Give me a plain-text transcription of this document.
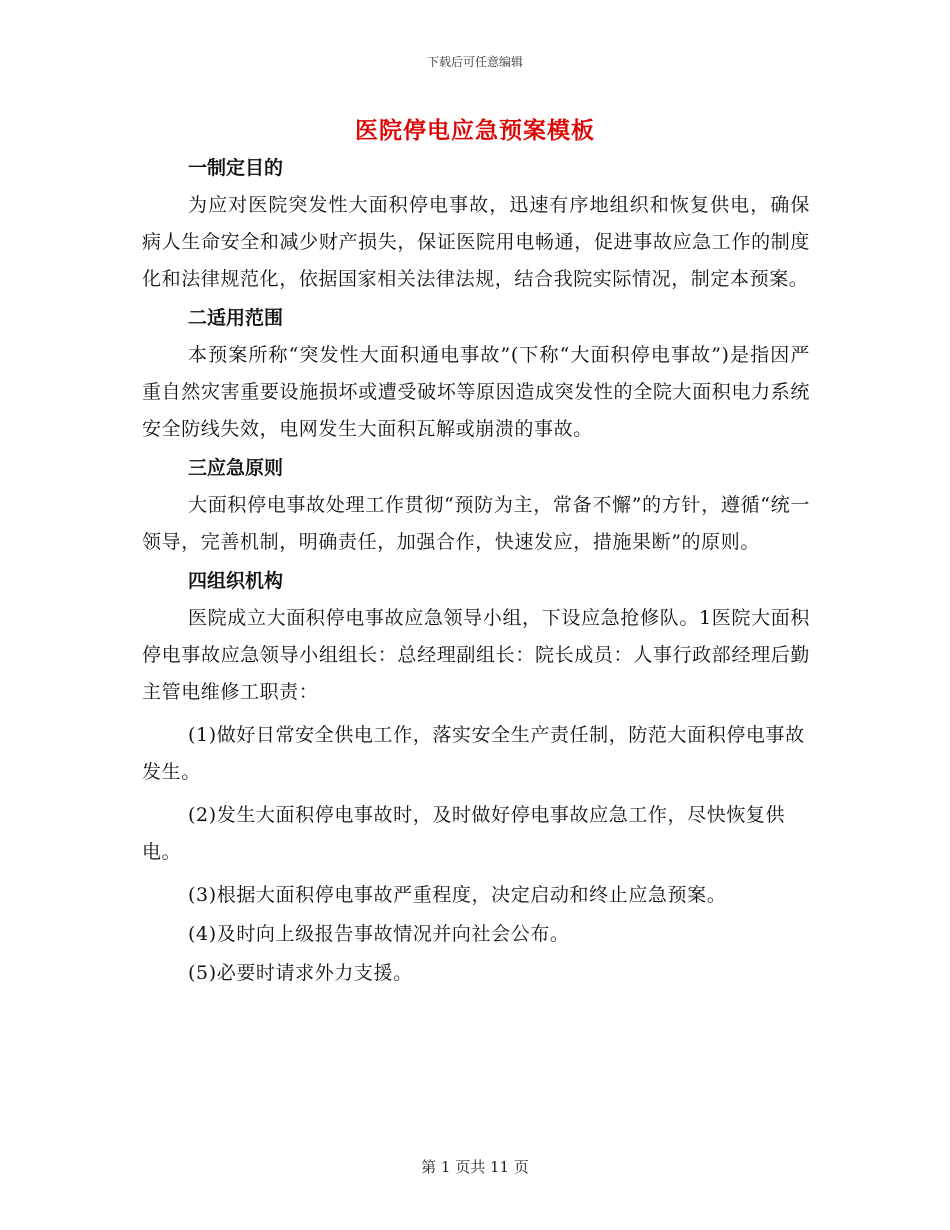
下载后可任意编辑
医院停电应急预案模板

一制定目的

为应对医院突发性大面积停电事故，迅速有序地组织和恢复供电，确保病人生命安全和减少财产损失，保证医院用电畅通，促进事故应急工作的制度化和法律规范化，依据国家相关法律法规，结合我院实际情况，制定本预案。

二适用范围

本预案所称“突发性大面积通电事故”(下称“大面积停电事故”)是指因严重自然灾害重要设施损坏或遭受破坏等原因造成突发性的全院大面积电力系统安全防线失效，电网发生大面积瓦解或崩溃的事故。

三应急原则

大面积停电事故处理工作贯彻“预防为主，常备不懈”的方针，遵循“统一领导，完善机制，明确责任，加强合作，快速发应，措施果断”的原则。

四组织机构

医院成立大面积停电事故应急领导小组，下设应急抢修队。1医院大面积停电事故应急领导小组组长：总经理副组长：院长成员：人事行政部经理后勤主管电维修工职责：

(1)做好日常安全供电工作，落实安全生产责任制，防范大面积停电事故发生。

(2)发生大面积停电事故时，及时做好停电事故应急工作，尽快恢复供电。

(3)根据大面积停电事故严重程度，决定启动和终止应急预案。

(4)及时向上级报告事故情况并向社会公布。

(5)必要时请求外力支援。

第 1 页共 11 页
